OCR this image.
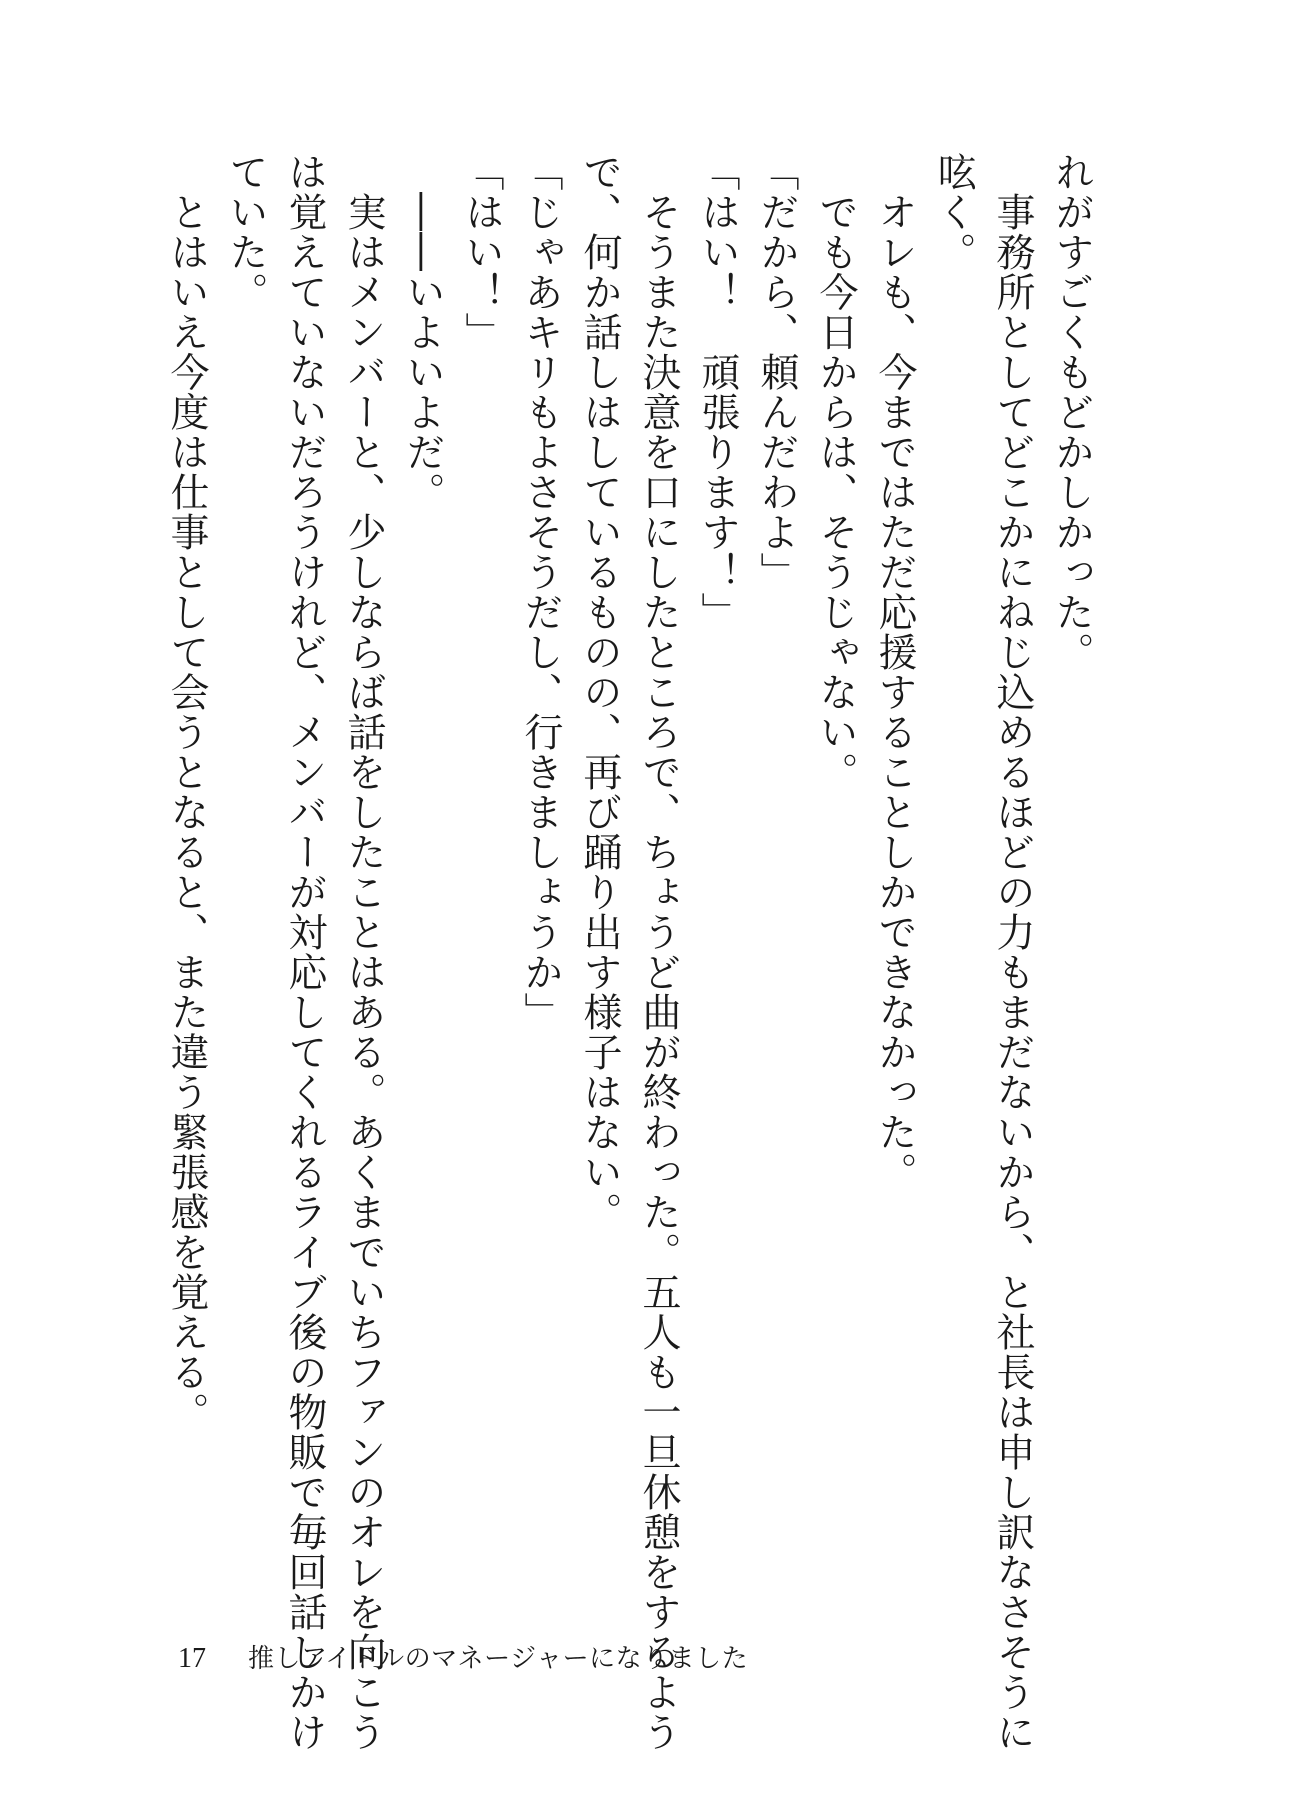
れがすごくもどかしかった。
　事務所としてどこかにねじ込めるほどの力もまだないから、と社長は申し訳なさそうに
呟く。
　オレも、今まではただ応援することしかできなかった。
　でも今日からは、そうじゃない。
「だから、頼んだわよ」
「はい！　頑張ります！」
　そうまた決意を口にしたところで、ちょうど曲が終わった。五人も一旦休憩をするよう
で、何か話しはしているものの、再び踊り出す様子はない。
「じゃあキリもよさそうだし、行きましょうか」
「はい！」
　――いよいよだ。
　実はメンバーと、少しならば話をしたことはある。あくまでいちファンのオレを向こう
は覚えていないだろうけれど、メンバーが対応してくれるライブ後の物販で毎回話しかけ
ていた。
　とはいえ今度は仕事として会うとなると、また違う緊張感を覚える。
17 推しアイドルのマネージャーになりました
